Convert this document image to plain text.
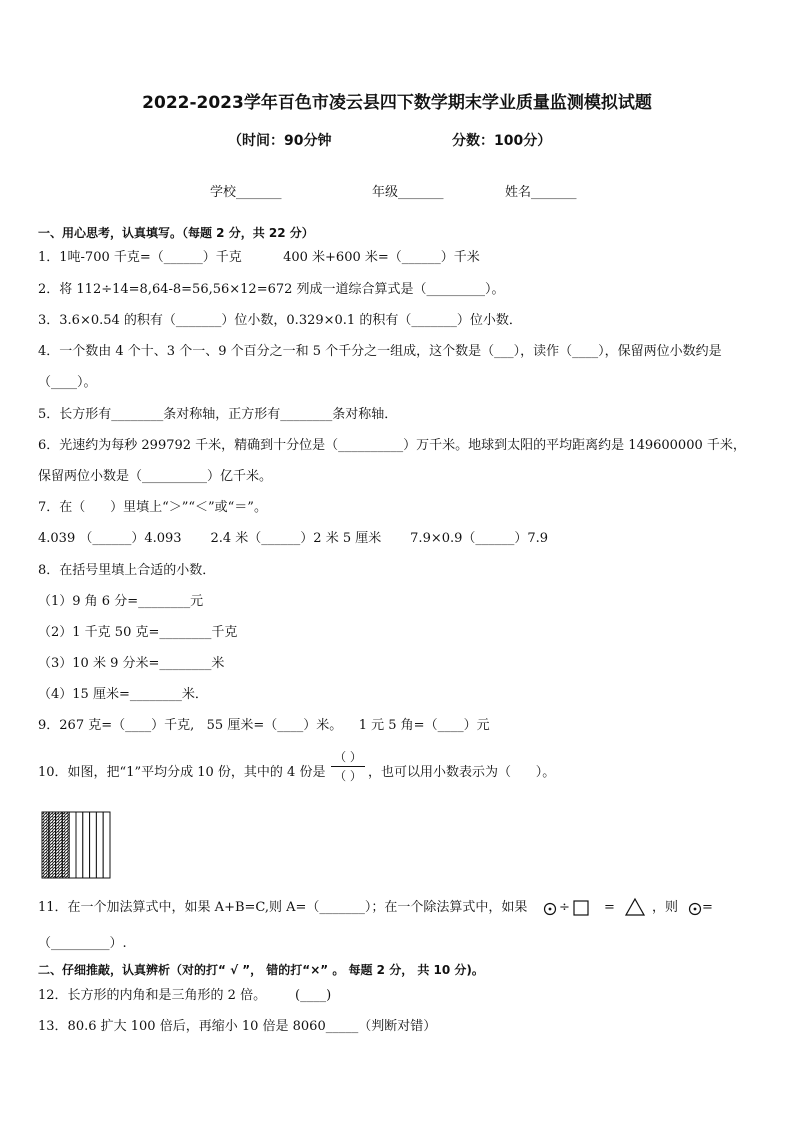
2022-2023学年百色市凌云县四下数学期末学业质量监测模拟试题
（时间：90分钟	分数：100分）
学校_______	年级_______	姓名_______
一、用心思考，认真填写。（每题 2 分，共 22 分）
1．1吨-700 千克=（______）千克          400 米+600 米=（______）千米
2．将 112÷14=8,64-8=56,56×12=672 列成一道综合算式是（_________）。
3．3.6×0.54 的积有（_______）位小数，0.329×0.1 的积有（_______）位小数．
4．一个数由 4 个十、3 个一、9 个百分之一和 5 个千分之一组成，这个数是（___），读作（____），保留两位小数约是
（____）。
5．长方形有________条对称轴，正方形有________条对称轴．
6．光速约为每秒 299792 千米，精确到十分位是（__________）万千米。地球到太阳的平均距离约是 149600000 千米，
保留两位小数是（__________）亿千米。
7．在（      ）里填上“＞”“＜”或“＝”。
4.039 （______）4.093       2.4 米（______）2 米 5 厘米       7.9×0.9（______）7.9
8．在括号里填上合适的小数．
（1）9 角 6 分=________元
（2）1 千克 50 克=________千克
（3）10 米 9 分米=________米
（4）15 厘米=________米．
9．267 克=（____）千克,   55 厘米=（____）米。    1 元 5 角=（____）元
10．如图，把“1”平均分成 10 份，其中的 4 份是
（ ）
（ ） ，也可以用小数表示为（      ）。
11．在一个加法算式中，如果 A+B=C,则 A=（_______）；在一个除法算式中，如果 ÷	=	，则 =
（_________）.
二、仔细推敲，认真辨析（对的打“ √ ”， 错的打“×” 。 每题 2 分， 共 10 分)。
12．长方形的内角和是三角形的 2 倍。       (____)
13．80.6 扩大 100 倍后，再缩小 10 倍是 8060_____（判断对错）
